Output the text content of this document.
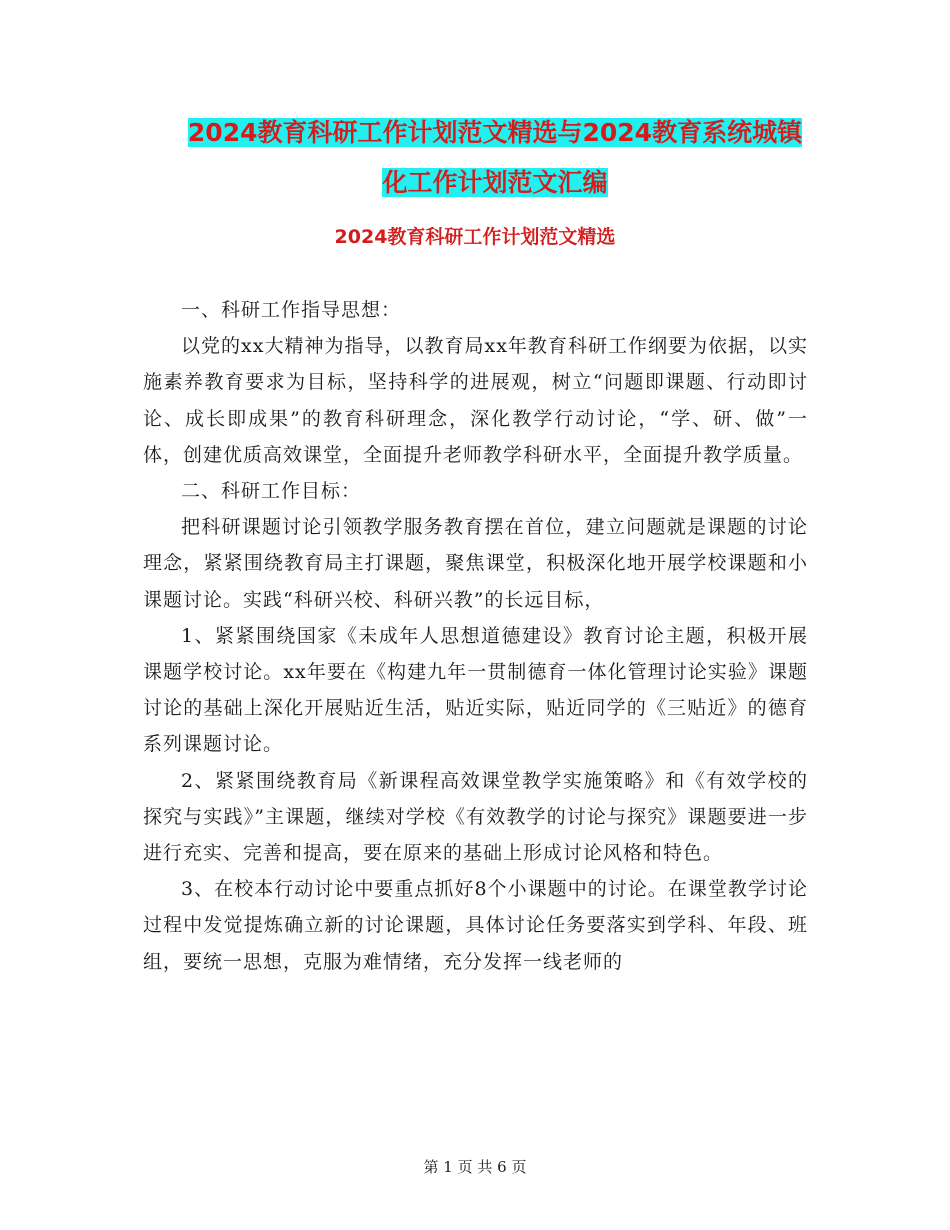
2024教育科研工作计划范文精选与2024教育系统城镇
化工作计划范文汇编
2024教育科研工作计划范文精选

一、科研工作指导思想：

以党的xx大精神为指导，以教育局xx年教育科研工作纲要为依据，以实施素养教育要求为目标，坚持科学的进展观，树立“问题即课题、行动即讨论、成长即成果”的教育科研理念，深化教学行动讨论，“学、研、做”一体，创建优质高效课堂，全面提升老师教学科研水平，全面提升教学质量。

二、科研工作目标：

把科研课题讨论引领教学服务教育摆在首位，建立问题就是课题的讨论理念，紧紧围绕教育局主打课题，聚焦课堂，积极深化地开展学校课题和小课题讨论。实践“科研兴校、科研兴教”的长远目标，

1、紧紧围绕国家《未成年人思想道德建设》教育讨论主题，积极开展课题学校讨论。xx年要在《构建九年一贯制德育一体化管理讨论实验》课题讨论的基础上深化开展贴近生活，贴近实际，贴近同学的《三贴近》的德育系列课题讨论。

2、紧紧围绕教育局《新课程高效课堂教学实施策略》和《有效学校的探究与实践》”主课题，继续对学校《有效教学的讨论与探究》课题要进一步进行充实、完善和提高，要在原来的基础上形成讨论风格和特色。

3、在校本行动讨论中要重点抓好8个小课题中的讨论。在课堂教学讨论过程中发觉提炼确立新的讨论课题，具体讨论任务要落实到学科、年段、班组，要统一思想，克服为难情绪，充分发挥一线老师的

第 1 页 共 6 页
